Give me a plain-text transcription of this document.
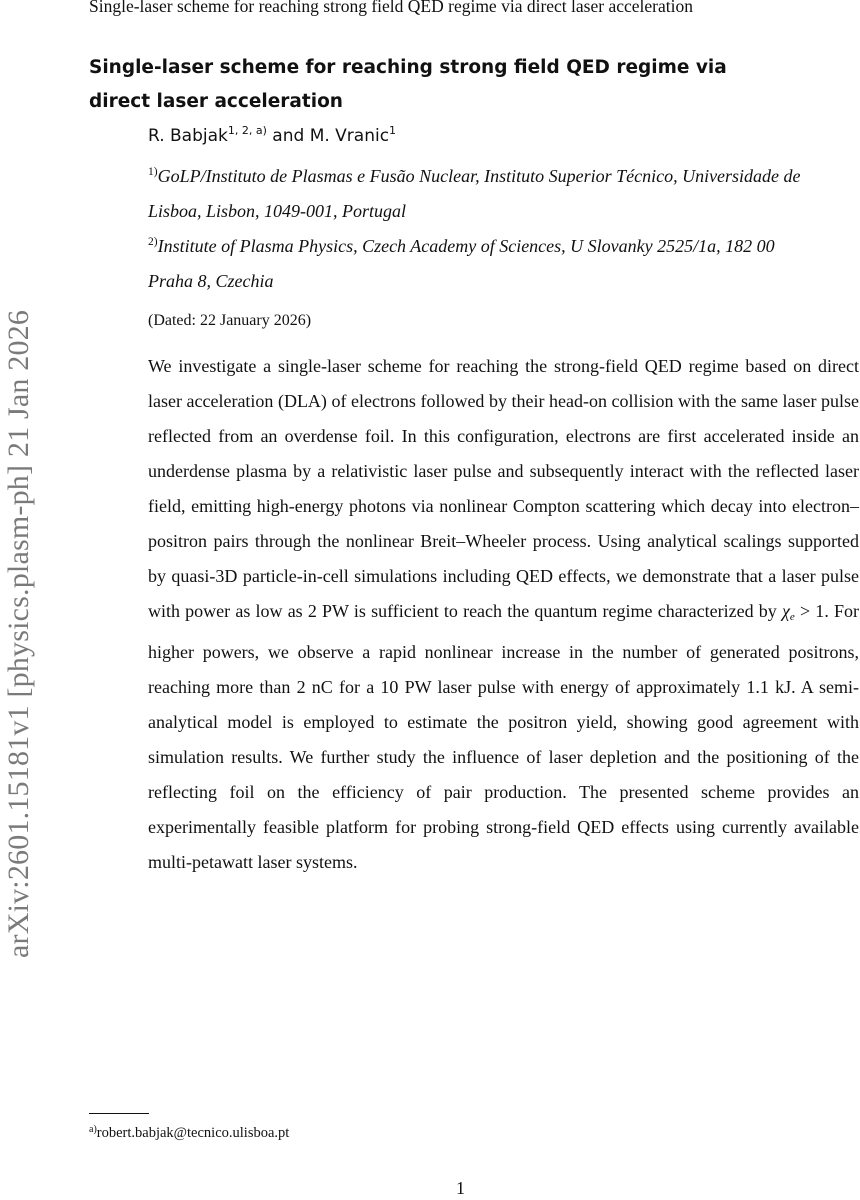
Single-laser scheme for reaching strong field QED regime via direct laser acceleration
arXiv:2601.15181v1 [physics.plasm-ph] 21 Jan 2026
Single-laser scheme for reaching strong field QED regime via direct laser acceleration
R. Babjak$^{1, 2, a)}$ and M. Vranic$^1$
$^{1)}$GoLP/Instituto de Plasmas e Fusão Nuclear, Instituto Superior Técnico, Universidade de Lisboa, Lisbon, 1049-001, Portugal
$^{2)}$Institute of Plasma Physics, Czech Academy of Sciences, U Slovanky 2525/1a, 182 00 Praha 8, Czechia
(Dated: 22 January 2026)

We investigate a single-laser scheme for reaching the strong-field QED regime based on direct laser acceleration (DLA) of electrons followed by their head-on collision with the same laser pulse reflected from an overdense foil. In this configuration, electrons are first accelerated inside an underdense plasma by a relativistic laser pulse and subsequently interact with the reflected laser field, emitting high-energy photons via nonlinear Compton scattering which decay into electron–positron pairs through the nonlinear Breit–Wheeler process. Using analytical scalings supported by quasi-3D particle-in-cell simulations including QED effects, we demonstrate that a laser pulse with power as low as 2 PW is sufficient to reach the quantum regime characterized by $\chi_e > 1$. For higher powers, we observe a rapid nonlinear increase in the number of generated positrons, reaching more than 2 nC for a 10 PW laser pulse with energy of approximately 1.1 kJ. A semi-analytical model is employed to estimate the positron yield, showing good agreement with simulation results. We further study the influence of laser depletion and the positioning of the reflecting foil on the efficiency of pair production. The presented scheme provides an experimentally feasible platform for probing strong-field QED effects using currently available multi-petawatt laser systems.

$^{a)}$robert.babjak@tecnico.ulisboa.pt
1
